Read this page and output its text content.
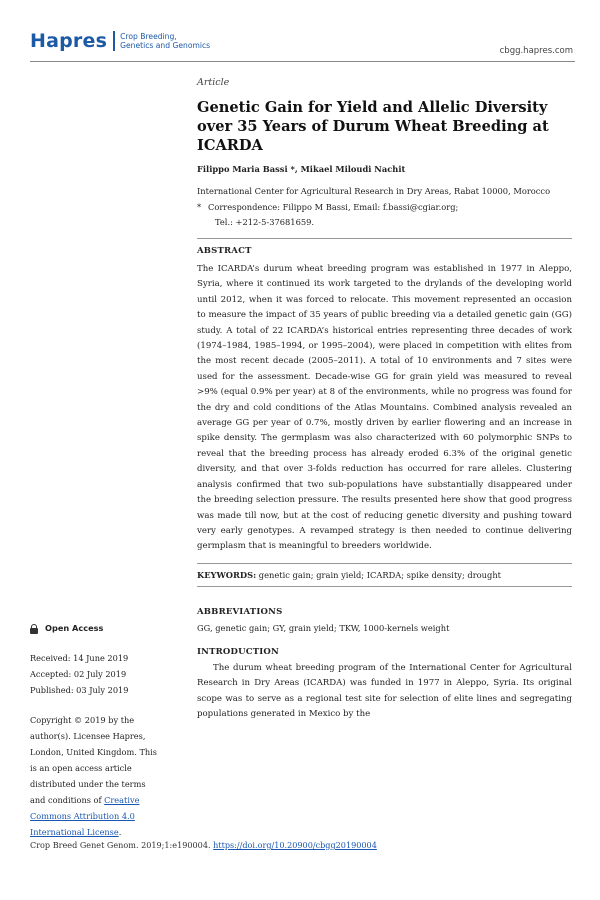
Hapres Crop Breeding,
Genetics and Genomics
cbgg.hapres.com
Article
Genetic Gain for Yield and Allelic Diversity over 35 Years of Durum Wheat Breeding at ICARDA
Filippo Maria Bassi *, Mikael Miloudi Nachit
International Center for Agricultural Research in Dry Areas, Rabat 10000, Morocco
* Correspondence: Filippo M Bassi, Email: f.bassi@cgiar.org;
Tel.: +212-5-37681659.
ABSTRACT
The ICARDA’s durum wheat breeding program was established in 1977 in Aleppo, Syria, where it continued its work targeted to the drylands of the developing world until 2012, when it was forced to relocate. This movement represented an occasion to measure the impact of 35 years of public breeding via a detailed genetic gain (GG) study. A total of 22 ICARDA’s historical entries representing three decades of work (1974–1984, 1985–1994, or 1995–2004), were placed in competition with elites from the most recent decade (2005–2011). A total of 10 environments and 7 sites were used for the assessment. Decade-wise GG for grain yield was measured to reveal >9% (equal 0.9% per year) at 8 of the environments, while no progress was found for the dry and cold conditions of the Atlas Mountains. Combined analysis revealed an average GG per year of 0.7%, mostly driven by earlier flowering and an increase in spike density. The germplasm was also characterized with 60 polymorphic SNPs to reveal that the breeding process has already eroded 6.3% of the original genetic diversity, and that over 3-folds reduction has occurred for rare alleles. Clustering analysis confirmed that two sub-populations have substantially disappeared under the breeding selection pressure. The results presented here show that good progress was made till now, but at the cost of reducing genetic diversity and pushing toward very early genotypes. A revamped strategy is then needed to continue delivering germplasm that is meaningful to breeders worldwide.
KEYWORDS: genetic gain; grain yield; ICARDA; spike density; drought
ABBREVIATIONS
GG, genetic gain; GY, grain yield; TKW, 1000-kernels weight
INTRODUCTION
The durum wheat breeding program of the International Center for Agricultural Research in Dry Areas (ICARDA) was funded in 1977 in Aleppo, Syria. Its original scope was to serve as a regional test site for selection of elite lines and segregating populations generated in Mexico by the
Open Access
Received: 14 June 2019
Accepted: 02 July 2019
Published: 03 July 2019
Copyright © 2019 by the author(s). Licensee Hapres, London, United Kingdom. This is an open access article distributed under the terms and conditions of Creative Commons Attribution 4.0 International License.
Crop Breed Genet Genom. 2019;1:e190004. https://doi.org/10.20900/cbgg20190004
